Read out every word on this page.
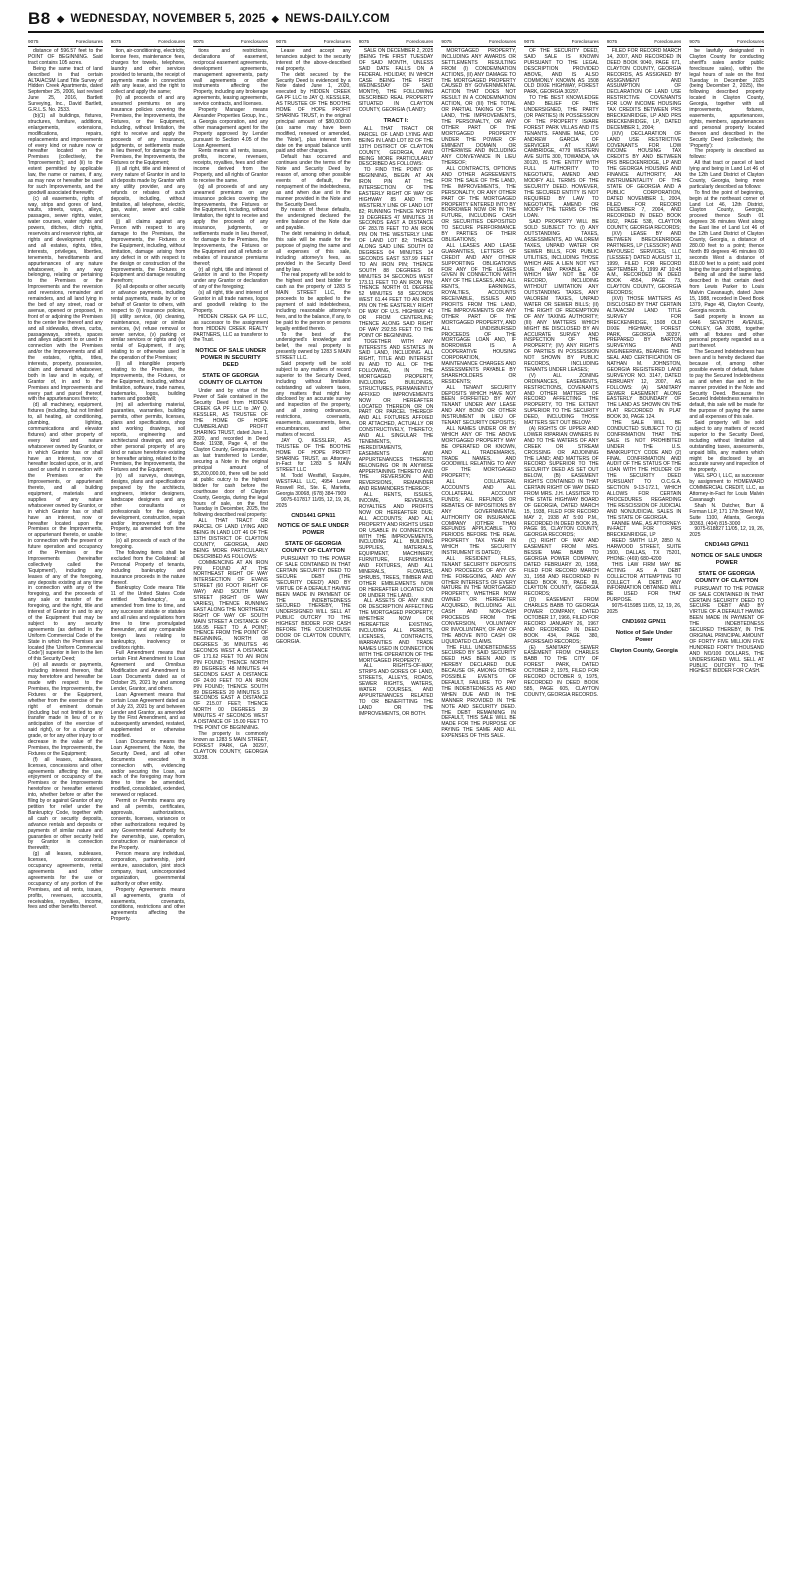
B8 ◆ WEDNESDAY, NOVEMBER 5, 2025 ◆ NEWS-DAILY.COM
9075	Foreclosures

distance of 596.57 feet to the POINT OF BEGINNING. Said tract contains 105 acres.

Being the same tract of land described in that certain ALTA/ACSM Land Title Survey of Hidden Creek Apartments, dated September 25, 2006, last revised June 25, 2016, Bartlett Surveying, Inc., David Bartlett, G.R.L.S. No. 2533.

(b)(1) all buildings, fixtures, structures, furniture, additions, enlargements, extensions, modifications, repairs, replacements and improvements of every kind or nature now or hereafter located on the Premises (collectively, the 'Improvements'); and (ii) to the extent permitted by applicable law, the name or names, if any, as may now or hereafter be used for such Improvements, and the goodwill associated therewith;

(c) all easements, rights of way, strips and gores of land, vaults, streets, ways, alleys, passages, sewer rights, water, water courses, water rights and powers, ditches, ditch rights, reservoirs and reservoir rights, air rights and development rights, and all estates, rights, titles, interests, privileges, liberties, tenements, hereditaments and appurtenances of any nature whatsoever, in any way belonging, relating or pertaining to the Premises or the Improvements and the reversion and reversions, remainder and remainders, and all land lying in the bed of any street, road or avenue, opened or proposed, in front of or adjoining the Premises to the center line thereof and any and all sidewalks, drives, curbs, passageways, streets, spaces and alleys adjacent to or used in connection with the Premises and/or the Improvements and all the estates, rights, titles, interests, property, possession, claim and demand whatsoever, both in law and in equity, of Grantor of, in and to the Premises and Improvements and every part and parcel thereof, with the appurtenances thereto;

(d) all machinery, equipment, fixtures (including, but not limited to, all heating, air conditioning, plumbing, lighting, communications and elevator fixtures) and other property of every kind and nature whatsoever owned by Grantor, or in which Grantor has or shall have an interest, now or hereafter located upon, or in, and used or useful in connection with the Premises or the Improvements, or appurtenant thereto, and all building equipment, materials and supplies of any nature whatsoever owned by Grantor, or in which Grantor has or shall have an interest, now or hereafter located upon the Premises or the Improvements, or appurtenant thereto, or usable in connection with the present or future operation and occupancy of the Premises or the Improvements (hereinafter collectively called the 'Equipment'), including any leases of any of the foregoing, any deposits existing at any time in connection with any of the foregoing, and the proceeds of any sale or transfer of the foregoing, and the right, title and interest of Grantor in and to any of the Equipment that may be subject to any security agreements (as defined in the Uniform Commercial Code of the State in which the Premises are located (the 'Uniform Commercial Code')) superior in lien to the lien of this Security Deed;

(e) all awards or payments, including interest thereon, that may heretofore and hereafter be made with respect to the Premises, the Improvements, the Fixtures or the Equipment, whether from the exercise of the right of eminent domain (including but not limited to any transfer made in lieu of or in anticipation of the exercise of said right), or for a change of grade, or for any other injury to or decrease in the value of the Premises, the Improvements, the Fixtures or the Equipment;

(f) all leases, subleases, licenses, concessions and other agreements affecting the use, enjoyment or occupancy of the Premises or the Improvements heretofore or hereafter entered into, whether before or after the filing by or against Grantor of any petition for relief under the Bankruptcy Code, together with all cash or security deposits, advance rentals and deposits or payments of similar nature and guaranties or other security held by Grantor in connection therewith;

(g) all leases, subleases, licenses, concessions, occupancy agreements, rental agreements and other agreements for the use or occupancy of any portion of the Premises, and all rents, issues, profits, revenues, accounts, receivables, royalties, income, fees and other benefits thereof.

9075	Foreclosures

tion, air-conditioning, electricity, license fees, maintenance fees, charges for towels, telephone, laundry and other services provided to tenants, the receipt of payments made in connection with any lease, and the right to collect and apply the same;

(h) all proceeds of and any unearned premiums on any insurance policies covering the Premises, the Improvements, the Fixtures, or the Equipment, including, without limitation, the right to receive and apply the proceeds of any insurance, judgments, or settlements made in lieu thereof, for damage to the Premises, the Improvements, the Fixtures or the Equipment;

(i) all right, title and interest of every nature of Grantor in and to all deposits made by Grantor with any utility provider, and any refunds or rebates of such deposits, including, without limitation, all telephone, electric, gas, water, sewer and cable services;

(j) all claims against any Person with respect to any damage to the Premises, the Improvements, the Fixtures or the Equipment, including, without limitation, damage arising from any defect in or with respect to the design or construction of the Improvements, the Fixtures or Equipment and damage resulting therefrom;

(k) all deposits or other security or advance payments, including rental payments, made by or on behalf of Grantor to others, with respect to (i) insurance policies, (ii) utility service, (iii) cleaning, maintenance, repair or similar services, (iv) refuse removal or sewer service, (v) parking or similar services or rights and (vi) rental of Equipment, if any, relating to or otherwise used in the operation of the Premises;

(l) all intangible property relating to the Premises, the Improvements, the Fixtures, or the Equipment, including, without limitation, software, trade names, trademarks, logos, building names and goodwill;

(m) all advertising material, guaranties, warranties, building permits, other permits, licenses, plans and specifications, shop and working drawings, soil reports, engineering and architectural drawings, and any other personal property of any kind or nature heretofore existing or hereafter arising, related to the Premises, the Improvements, the Fixtures and the Equipment;

(n) all surveys, drawings, designs, plans and specifications prepared by the architects, engineers, interior designers, landscape designers and any other consultants or professionals for the design, development, construction, repair and/or improvement of the Property, as amended from time to time;

(o) all proceeds of each of the foregoing.

The following items shall be excluded from the Collateral: all Personal Property of tenants, including bankruptcy and insurance proceeds in the nature thereof.

Bankruptcy Code means Title 11 of the United States Code entitled 'Bankruptcy', as amended from time to time, and any successor statute or statutes and all rules and regulations from time to time promulgated thereunder, and any comparable foreign laws relating to bankruptcy, insolvency or creditors rights.

Full Amendment means that certain First Amendment to Loan Agreement and Omnibus Modification and Amendment to Loan Documents dated as of October 25, 2021 by and among Lender, Grantor, and others.

Loan Agreement means that certain Loan Agreement dated as of July 23, 2021 by and between Lender and Grantor, as amended by the First Amendment, and as subsequently amended, restated, supplemented or otherwise modified.

Loan Documents means the Loan Agreement, the Note, the Security Deed, and all other documents executed in connection with, evidencing and/or securing the Loan, as each of the foregoing may from time to time be amended, modified, consolidated, extended, renewed or replaced.

Permit or Permits means any and all permits, certificates, approvals, authorizations, consents, licenses, variances or other authorizations required by any Governmental Authority for the ownership, use, operation, construction or maintenance of the Property.

Person means any individual, corporation, partnership, joint venture, association, joint stock company, trust, unincorporated organization, governmental authority or other entity.

Property Agreements means all agreements, grants of easements, covenants, conditions, restrictions and other agreements affecting the Property.

9075	Foreclosures

tions and restrictions, declarations of easement, reciprocal easement agreements, development agreements, management agreements, party wall agreements or other instruments affecting the Property, including any brokerage agreements, leasing agreements, service contracts, and licenses.

Property Manager means Alexander Properties Group, Inc., a Georgia corporation, and any other management agent for the Property approved by Lender pursuant to Section 4.05 of the Loan Agreement.

Rents means all rents, issues, profits, income, revenues, receipts, royalties, fees and other income derived from the Property, and all rights of Grantor to receive the same.

(q) all proceeds of and any unearned premiums on any insurance policies covering the Improvements, the Fixtures or the Equipment, including, without limitation, the right to receive and apply the proceeds of any insurance, judgments, or settlements made in lieu thereof, for damage to the Premises, the Improvements, the Fixtures or the Equipment and all refunds or rebates of insurance premiums thereof;

(r) all right, title and interest of Grantor in and to the Property under any Grantor or declaration of any of the foregoing;

(s) all right, title and interest of Grantor in all trade names, logos and goodwill relating to the Property.

HIDDEN CREEK GA PF LLC, as successor to the assignment from HIDDEN CREEK REALTY PARTNERS, LLC as transferor to the Trust.

NOTICE OF SALE UNDER POWER IN SECURITY DEED

STATE OF GEORGIA COUNTY OF CLAYTON

Under and by virtue of the Power of Sale contained in the Security Deed from HIDDEN CREEK GA PF LLC to JAY Q. KESSLER, AS TRUSTEE OF THE HOME OF HOPE CUMBERLAND PROFIT SHARING TRUST, dated June 1, 2020, and recorded in Deed Book 11938, Page 4, of the Clayton County, Georgia records, as last transferred to Lender, securing a Note in the original principal amount of $5,200,000.00, there will be sold at public outcry to the highest bidder for cash before the courthouse door of Clayton County, Georgia, during the legal hours of sale, on the first Tuesday in December, 2025, the following described real property:

ALL THAT TRACT OR PARCEL OF LAND LYING AND BEING IN LAND LOT 46 OF THE 13TH DISTRICT OF CLAYTON COUNTY, GEORGIA, AND BEING MORE PARTICULARLY DESCRIBED AS FOLLOWS:

COMMENCING AT AN IRON PIN FOUND AT THE NORTHEAST RIGHT OF WAY INTERSECTION OF EVANS STREET (60 FOOT RIGHT OF WAY) AND SOUTH MAIN STREET (RIGHT OF WAY VARIES), THENCE RUNNING EAST ALONG THE NORTHERLY RIGHT OF WAY OF SOUTH MAIN STREET A DISTANCE OF 166.95 FEET TO A POINT; THENCE FROM THE POINT OF BEGINNING, NORTH 08 DEGREES 36 MINUTES 46 SECONDS WEST A DISTANCE OF 171.62 FEET TO AN IRON PIN FOUND; THENCE NORTH 89 DEGREES 48 MINUTES 44 SECONDS EAST A DISTANCE OF 24.00 FEET TO AN IRON PIN FOUND; THENCE SOUTH 89 DEGREES 20 MINUTES 13 SECONDS EAST A DISTANCE OF 215.07 FEET; THENCE NORTH 00 DEGREES 39 MINUTES 47 SECONDS WEST A DISTANCE OF 15.00 FEET TO THE POINT OF BEGINNING.

The property is commonly known as 1283 S MAIN STREET, FOREST PARK, GA 30297, CLAYTON COUNTY, GEORGIA 30238.

9075	Foreclosures

Lease and accept any tenancies subject to the security interest of the above-described real property.

The debt secured by the Security Deed is evidenced by a Note dated June 1, 2020, executed by HIDDEN CREEK GA PF LLC to JAY Q. KESSLER, AS TRUSTEE OF THE BOOTHE HOME OF HOPE PROFIT SHARING TRUST, in the original principal amount of $80,000.00 (as same may have been modified, renewed or amended, the 'Note'), plus interest from date on the unpaid balance until paid and other charges.

Default has occurred and continues under the terms of the Note and Security Deed by reason of, among other possible events of default, the nonpayment of the indebtedness, as and when due and in the manner provided in the Note and the Security Deed.

By reason of these defaults, the undersigned declared the entire balance of the Note due and payable.

The debt remaining in default, this sale will be made for the purpose of paying the same and all expenses of this sale, including attorney's fees, as provided in the Security Deed and by law.

The real property will be sold to the highest and best bidder for cash as the property of 1283 S MAIN STREET LLC, the proceeds to be applied to the payment of said indebtedness, including reasonable attorney's fees, and to the balance, if any, to be paid to the person or persons legally entitled thereto.

To the best of the undersigned's knowledge and belief, the real property is presently owned by 1283 S MAIN STREET LLC.

Said property will be sold subject to any matters of record superior to the Security Deed, including without limitation outstanding ad valorem taxes, any matters that might be disclosed by an accurate survey and inspection of the property, and all zoning ordinances, restrictions, covenants, easements, assessments, liens, encumbrances, and other matters of record.

JAY Q. KESSLER, AS TRUSTEE OF THE BOOTHE HOME OF HOPE PROFIT SHARING TRUST, as Attorney-in-Fact for 1283 S MAIN STREET LLC

M. Todd Westfall, Esquire, WESTFALL LLC, 4954 Lower Roswell Rd., Ste. E, Marietta, Georgia 30068, (678) 384-7909

9075-617817 11/05, 12, 19, 26, 2025

CND1441 GPN11

NOTICE OF SALE UNDER POWER

STATE OF GEORGIA COUNTY OF CLAYTON

PURSUANT TO THE POWER OF SALE CONTAINED IN THAT CERTAIN SECURITY DEED TO SECURE DEBT (THE 'SECURITY DEED') AND BY VIRTUE OF A DEFAULT HAVING BEEN MADE IN PAYMENT OF THE INDEBTEDNESS SECURED THEREBY, THE UNDERSIGNED WILL SELL AT PUBLIC OUTCRY TO THE HIGHEST BIDDER FOR CASH BEFORE THE COURTHOUSE DOOR OF CLAYTON COUNTY, GEORGIA.

9075	Foreclosures

SALE ON DECEMBER 2, 2025 (BEING THE FIRST TUESDAY OF SAID MONTH, UNLESS SAID DATE FALLS ON A FEDERAL HOLIDAY, IN WHICH CASE BEING THE FIRST WEDNESDAY OF SAID MONTH), THE FOLLOWING DESCRIBED REAL PROPERTY SITUATED IN CLAYTON COUNTY, GEORGIA ('LAND'):

TRACT I:

ALL THAT TRACT OR PARCEL OF LAND LYING AND BEING IN LAND LOT 82 OF THE 13TH DISTRICT OF CLAYTON COUNTY, GEORGIA, AND BEING MORE PARTICULARLY DESCRIBED AS FOLLOWS:

TO FIND THE POINT OF BEGINNING, BEGIN AT AN IRON PIN AT THE INTERSECTION OF THE EASTERLY RIGHT OF WAY OF HIGHWAY 85 AND THE WESTERLY LINE OF LAND LOT 82; RUNNING THENCE NORTH 19 DEGREES 47 MINUTES 16 SECONDS EAST A DISTANCE OF 283.78 FEET TO AN IRON PIN ON THE WESTERLY LINE OF LAND LOT 82; THENCE ALONG SAID LINE SOUTH 02 DEGREES 04 MINUTES 14 SECONDS EAST 537.99 FEET TO AN IRON PIN; THENCE SOUTH 88 DEGREES 06 MINUTES 34 SECONDS WEST 173.11 FEET TO AN IRON PIN; THENCE NORTH 01 DEGREE 52 MINUTES 58 SECONDS WEST 61.44 FEET TO AN IRON PIN ON THE EASTERLY RIGHT OF WAY OF U.S. HIGHWAY 41 OR FROM CENTERLINE; THENCE ALONG SAID RIGHT OF WAY 292.55 FEET TO THE POINT OF BEGINNING.

TOGETHER WITH ANY INTERESTS AND ESTATES IN SAID LAND, INCLUDING ALL RIGHT, TITLE AND INTEREST IN AND TO ALL OF THE FOLLOWING, IN THE MORTGAGED PROPERTY, INCLUDING BUILDINGS, STRUCTURES, PERMANENTLY AFFIXED IMPROVEMENTS NOW OR HEREAFTER LOCATED THEREON OR ON PART OR PARCEL THEREOF AND ALL FIXTURES AFFIXED OR ATTACHED, ACTUALLY OR CONSTRUCTIVELY, THERETO; AND ALL SINGULAR THE TENEMENTS, HEREDITAMENTS, EASEMENTS AND APPURTENANCES THERETO BELONGING OR IN ANYWISE APPERTAINING THERETO AND THE REVERSION AND REVERSIONS, REMAINDER AND REMAINDERS THEREOF;

ALL RENTS, ISSUES, INCOME, REVENUES, ROYALTIES AND PROFITS NOW OR HEREAFTER DUE; ALL ACCOUNTS; AND ALL PROPERTY AND RIGHTS USED OR USABLE IN CONNECTION WITH THE IMPROVEMENTS, INCLUDING ALL BUILDING SUPPLIES, MATERIALS, EQUIPMENT, MACHINERY, FURNITURE, FURNISHINGS AND FIXTURES, AND ALL MINERALS, FLOWERS, SHRUBS, TREES, TIMBER AND OTHER EMBLEMENTS NOW OR HEREAFTER LOCATED ON OR UNDER THE LAND.

ALL ASSETS OF ANY KIND OR DESCRIPTION AFFECTING THE MORTGAGED PROPERTY, WHETHER NOW OR HEREAFTER EXISTING, INCLUDING ALL PERMITS, LICENSES, CONTRACTS, WARRANTIES AND TRADE NAMES USED IN CONNECTION WITH THE OPERATION OF THE MORTGAGED PROPERTY.

ALL RIGHTS-OF-WAY, STRIPS AND GORES OF LAND, STREETS, ALLEYS, ROADS, SEWER RIGHTS, WATERS, WATER COURSES, AND APPURTENANCES RELATED TO OR BENEFITTING THE LAND OR THE IMPROVEMENTS, OR BOTH.

9075	Foreclosures

MORTGAGED PROPERTY, INCLUDING ANY AWARDS OR SETTLEMENTS RESULTING FROM (I) CONDEMNATION ACTIONS, (II) ANY DAMAGE TO THE MORTGAGED PROPERTY CAUSED BY GOVERNMENTAL ACTION THAT DOES NOT RESULT IN A CONDEMNATION ACTION, OR (III) THE TOTAL OR PARTIAL TAKING OF THE LAND, THE IMPROVEMENTS, THE PERSONALTY, OR ANY OTHER PART OF THE MORTGAGED PROPERTY UNDER THE POWER OF EMINENT DOMAIN OR OTHERWISE AND INCLUDING ANY CONVEYANCE IN LIEU THEREOF;

ALL CONTRACTS, OPTIONS AND OTHER AGREEMENTS FOR THE SALE OF THE LAND, THE IMPROVEMENTS, THE PERSONALTY, OR ANY OTHER PART OF THE MORTGAGED PROPERTY ENTERED INTO BY BORROWER NOW OR IN THE FUTURE, INCLUDING CASH OR SECURITIES DEPOSITED TO SECURE PERFORMANCE BY PARTIES OF THEIR OBLIGATIONS;

ALL LEASES AND LEASE GUARANTIES, LETTERS OF CREDIT AND ANY OTHER SUPPORTING OBLIGATIONS FOR ANY OF THE LEASES GIVEN IN CONNECTION WITH ANY OF THE LEASES, AND ALL RENTS, EARNINGS, ROYALTIES, ACCOUNTS RECEIVABLE, ISSUES AND PROFITS FROM THE LAND, THE IMPROVEMENTS OR ANY OTHER PART OF THE MORTGAGED PROPERTY, AND ALL UNDISBURSED PROCEEDS OF THE MORTGAGE LOAN AND, IF BORROWER IS A COOPERATIVE HOUSING CORPORATION, MAINTENANCE CHARGES AND ASSESSMENTS PAYABLE BY SHAREHOLDERS OR RESIDENTS;

ALL TENANT SECURITY DEPOSITS WHICH HAVE NOT BEEN FORFEITED BY ANY TENANT UNDER ANY LEASE AND ANY BOND OR OTHER INSTRUMENT IN LIEU OF TENANT SECURITY DEPOSITS;

ALL NAMES UNDER OR BY WHICH ANY OF THE ABOVE MORTGAGED PROPERTY MAY BE OPERATED OR KNOWN, AND ALL TRADEMARKS, TRADE NAMES, AND GOODWILL RELATING TO ANY OF THE MORTGAGED PROPERTY;

ALL COLLATERAL ACCOUNTS AND ALL COLLATERAL ACCOUNT FUNDS; ALL REFUNDS OR REBATES OF IMPOSITIONS BY ANY GOVERNMENTAL AUTHORITY OR INSURANCE COMPANY (OTHER THAN REFUNDS APPLICABLE TO PERIODS BEFORE THE REAL PROPERTY TAX YEAR IN WHICH THE SECURITY INSTRUMENT IS DATED);

ALL RESIDENT FILES, TENANT SECURITY DEPOSITS AND PROCEEDS OF ANY OF THE FOREGOING, AND ANY OTHER INTERESTS OF EVERY NATURE IN THE MORTGAGED PROPERTY, WHETHER NOW OWNED OR HEREAFTER ACQUIRED, INCLUDING ALL CASH AND NON-CASH PROCEEDS FROM THE CONVERSION, VOLUNTARY OR INVOLUNTARY, OF ANY OF THE ABOVE INTO CASH OR LIQUIDATED CLAIMS.

THE FULL UNDEBTEDNESS SECURED BY SAID SECURITY DEED HAS BEEN AND IS HEREBY DECLARED DUE BECAUSE OF, AMONG OTHER POSSIBLE EVENTS OF DEFAULT, FAILURE TO PAY THE INDEBTEDNESS AS AND WHEN DUE AND IN THE MANNER PROVIDED IN THE NOTE AND SECURITY DEED. THE DEBT REMAINING IN DEFAULT, THIS SALE WILL BE MADE FOR THE PURPOSE OF PAYING THE SAME AND ALL EXPENSES OF THIS SALE.

9075	Foreclosures

OF THE SECURITY DEED, SAID SALE IS KNOWN PURSUANT TO THE LEGAL DESCRIPTION PROVIDED ABOVE, AND IS ALSO COMMONLY KNOWN AS 1508 OLD DIXIE HIGHWAY, FOREST PARK, GEORGIA 30297.

TO THE BEST KNOWLEDGE AND BELIEF OF THE UNDERSIGNED, THE PARTY (OR PARTIES) IN POSSESSION OF THE PROPERTY IS/ARE FOREST PARK VILLAS AND ITS TENANTS. FANNIE MAE, C/O ANDREW GARCIA OF SERVICER AT KIAVI CAMBRIDGE, 4779 WESTERN AVE SUITE 300, TOWANDA, VA 30120, IS THE ENTITY WITH FULL AUTHORITY TO NEGOTIATE, AMEND AND MODIFY ALL TERMS OF THE SECURITY DEED. HOWEVER, THE SECURED ENTITY IS NOT REQUIRED BY LAW TO NEGOTIATE, AMEND OR MODIFY THE TERMS OF THE LOAN.

SAID PROPERTY WILL BE SOLD SUBJECT TO: (I) ANY OUTSTANDING TAXES, ASSESSMENTS, AD VALOREM TAXES, UNPAID WATER OR SEWER BILLS, FOR PUBLIC UTILITIES, INCLUDING THOSE WHICH ARE A LIEN NOT YET DUE AND PAYABLE AND WHICH MAY NOT BE OF RECORD, INCLUDING WITHOUT LIMITATION ANY OUTSTANDING TAXES, ANY VALOREM TAXES, UNPAID WATER OR SEWER BILLS; (II) THE RIGHT OF REDEMPTION OF ANY TAXING AUTHORITY; (III) ANY MATTERS WHICH MIGHT BE DISCLOSED BY AN ACCURATE SURVEY AND INSPECTION OF THE PROPERTY; (IV) ANY RIGHTS OF PARTIES IN POSSESSION NOT SHOWN BY PUBLIC RECORDS, INCLUDING TENANTS UNDER LEASES;

(V) ALL ZONING ORDINANCES, EASEMENTS, RESTRICTIONS, COVENANTS AND OTHER MATTERS OF RECORD AFFECTING THE PROPERTY, TO THE EXTENT SUPERIOR TO THE SECURITY DEED, INCLUDING THOSE MATTERS SET OUT BELOW:

(A) RIGHTS OF UPPER AND LOWER RIPARIAN OWNERS IN AND TO THE WATERS OF ANY CREEK OR STREAM CROSSING OR ADJOINING THE LAND; AND MATTERS OF RECORD SUPERIOR TO THE SECURITY DEED AS SET OUT BELOW, (B) EASEMENT RIGHTS CONTAINED IN THAT CERTAIN RIGHT OF WAY DEED FROM MRS. J.H. LASSITER TO THE STATE HIGHWAY BOARD OF GEORGIA, DATED MARCH 15, 1938, FILED FOR RECORD MAY 2, 1938 AT 5:00 P.M., RECORDED IN DEED BOOK 25, PAGE 95, CLAYTON COUNTY, GEORGIA RECORDS;

(C) RIGHT OF WAY AND EASEMENT FROM MRS. BESSIE MAE BABB TO GEORGIA POWER COMPANY, DATED FEBRUARY 20, 1958, FILED FOR RECORD MARCH 31, 1958 AND RECORDED IN DEED BOOK 79, PAGE 89, CLAYTON COUNTY, GEORGIA RECORDS;

(D) EASEMENT FROM CHARLES BABB TO GEORGIA POWER COMPANY, DATED OCTOBER 17, 1966, FILED FOR RECORD JANUARY 26, 1967 AND RECORDED IN DEED BOOK 434, PAGE 380, AFORESAID RECORDS;

(E) SANITARY SEWER EASEMENT FROM CHARLES BABB TO THE CITY OF FOREST PARK, DATED OCTOBER 2, 1975, FILED FOR RECORD OCTOBER 9, 1975, RECORDED IN DEED BOOK 585, PAGE 605, CLAYTON COUNTY, GEORGIA RECORDS.

9075	Foreclosures

FILED FOR RECORD MARCH 14, 2007, AND RECORDED IN DEED BOOK 9040, PAGE 671, CLAYTON COUNTY, GEORGIA RECORDS, AS ASSIGNED BY ASSIGNMENT AND ASSUMPTION OF DECLARATION OF LAND USE RESTRICTIVE COVENANTS FOR LOW INCOME HOUSING TAX CREDITS BETWEEN PRS BRECKENRIDGE, LP AND PRS BRECKENRIDGE, LP, DATED DECEMBER 1, 2004;

(XIV) DECLARATION OF LAND USE RESTRICTIVE COVENANTS FOR LOW INCOME HOUSING TAX CREDITS BY AND BETWEEN PRS BRECKENRIDGE, LP AND THE GEORGIA HOUSING AND FINANCE AUTHORITY, AN INSTRUMENTALITY OF THE STATE OF GEORGIA AND A PUBLIC CORPORATION, DATED NOVEMBER 1, 2004, FILED FOR RECORD DECEMBER 7, 2004, AND RECORDED IN DEED BOOK 8162, PAGE 538, CLAYTON COUNTY, GEORGIA RECORDS;

(XV) LEASE BY AND BETWEEN BRECKENRIDGE PARTNERS, LP ('LESSOR') AND BAYOUSEC SERVICES, LLC ('LESSEE') DATED AUGUST 11, 1999, FILED FOR RECORD SEPTEMBER 1, 1999 AT 10:45 A.M., RECORDED IN DEED BOOK 4554, PAGE 73, CLAYTON COUNTY, GEORGIA RECORDS;

(XVI) THOSE MATTERS AS DISCLOSED BY THAT CERTAIN ALTA/ACSM LAND TITLE SURVEY FOR BRECKENRIDGE, 1508 OLD DIXIE HIGHWAY, FOREST PARK, GEORGIA 30297, PREPARED BY BARTON SURVEYING AND ENGINEERING, BEARING THE SEAL AND CERTIFICATION OF NATHAN M. JOHNSTON, GEORGIA REGISTERED LAND SURVEYOR NO. 3147, DATED FEBRUARY 12, 2007, AS FOLLOWS: (A) SANITARY SEWER EASEMENT ALONG EASTERLY BOUNDARY OF THE LAND AS SHOWN ON THE PLAT RECORDED IN PLAT BOOK 30, PAGE 124.

THE SALE WILL BE CONDUCTED SUBJECT TO (1) CONFIRMATION THAT THE SALE IS NOT PROHIBITED UNDER THE U.S. BANKRUPTCY CODE AND (2) FINAL CONFIRMATION AND AUDIT OF THE STATUS OF THE LOAN WITH THE HOLDER OF THE SECURITY DEED PURSUANT TO O.C.G.A. SECTION 9-13-172.1, WHICH ALLOWS FOR CERTAIN PROCEDURES REGARDING THE RESCISSION OF JUDICIAL AND NONJUDICIAL SALES IN THE STATE OF GEORGIA.

FANNIE MAE, AS ATTORNEY-IN-FACT FOR PRS BRECKENRIDGE, LP

REED SMITH LLP, 2850 N. HARWOOD STREET, SUITE 1500, DALLAS, TX 75201, PHONE: (469) 680-4200

THIS LAW FIRM MAY BE ACTING AS A DEBT COLLECTOR ATTEMPTING TO COLLECT A DEBT. ANY INFORMATION OBTAINED WILL BE USED FOR THAT PURPOSE.

9075-615985 11/05, 12, 19, 26, 2025

CND1602 GPN11

Notice of Sale Under Power

Clayton County, Georgia

9075	Foreclosures

be lawfully designated in Clayton County for conducting sheriff's sales and/or public foreclosure sales), within the legal hours of sale on the first Tuesday in December 2025 (being December 2, 2025), the following described property located in Clayton County, Georgia, together with all improvements, fixtures, easements, appurtenances, rights, members, appurtenances and personal property located thereon and described in the Security Deed (collectively, the 'Property'):

The property is described as follows:

All that tract or parcel of land lying and being in Land Lot 46 of the 12th Land District of Clayton County, Georgia, being more particularly described as follows:

To find the point of beginning, begin at the northeast corner of Land Lot 46, 12th District, Clayton County, Georgia; proceed thence South 01 degrees 36 minutes West along the East line of Land Lot 46 of the 12th Land District of Clayton County, Georgia, a distance of 280.00 feet to a point; thence North 89 degrees 46 minutes 00 seconds West a distance of 818.00 feet to a point; said point being the true point of beginning.

Being all and the same land described in that certain deed from Lewis Parker to Louis Malvin Cavanaugh, dated June 15, 1988, recorded in Deed Book 1379, Page 48, Clayton County, Georgia records.

Said property is known as 6446 SEVENTH AVENUE, CONLEY, GA 30288, together with all fixtures and other personal property regarded as a part thereof.

The Secured Indebtedness has been and is hereby declared due because of, among other possible events of default, failure to pay the Secured Indebtedness as and when due and in the manner provided in the Note and Security Deed. Because the Secured Indebtedness remains in default, this sale will be made for the purpose of paying the same and all expenses of this sale.

Said property will be sold subject to any matters of record superior to the Security Deed, including without limitation all outstanding taxes, assessments, unpaid bills, any matters which might be disclosed by an accurate survey and inspection of the property.

WEL SPO I, LLC, as successor by assignment to HOMEWARD COMMERCIAL CREDIT, LLC, as Attorney-in-Fact for Louis Malvin Cavanaugh

Shah N. Dutcher, Burr & Forman LLP, 171 17th Street NW, Suite 1100, Atlanta, Georgia 30363, (404) 815-3000

9075-618827 11/05, 12, 19, 26, 2025

CND1443 GPN11

NOTICE OF SALE UNDER POWER

STATE OF GEORGIA COUNTY OF CLAYTON

PURSUANT TO THE POWER OF SALE CONTAINED IN THAT CERTAIN SECURITY DEED TO SECURE DEBT AND BY VIRTUE OF A DEFAULT HAVING BEEN MADE IN PAYMENT OF THE INDEBTEDNESS SECURED THEREBY, IN THE ORIGINAL PRINCIPAL AMOUNT OF FORTY FIVE MILLION FIVE HUNDRED FORTY THOUSAND AND NO/100 DOLLARS, THE UNDERSIGNED WILL SELL AT PUBLIC OUTCRY TO THE HIGHEST BIDDER FOR CASH.
